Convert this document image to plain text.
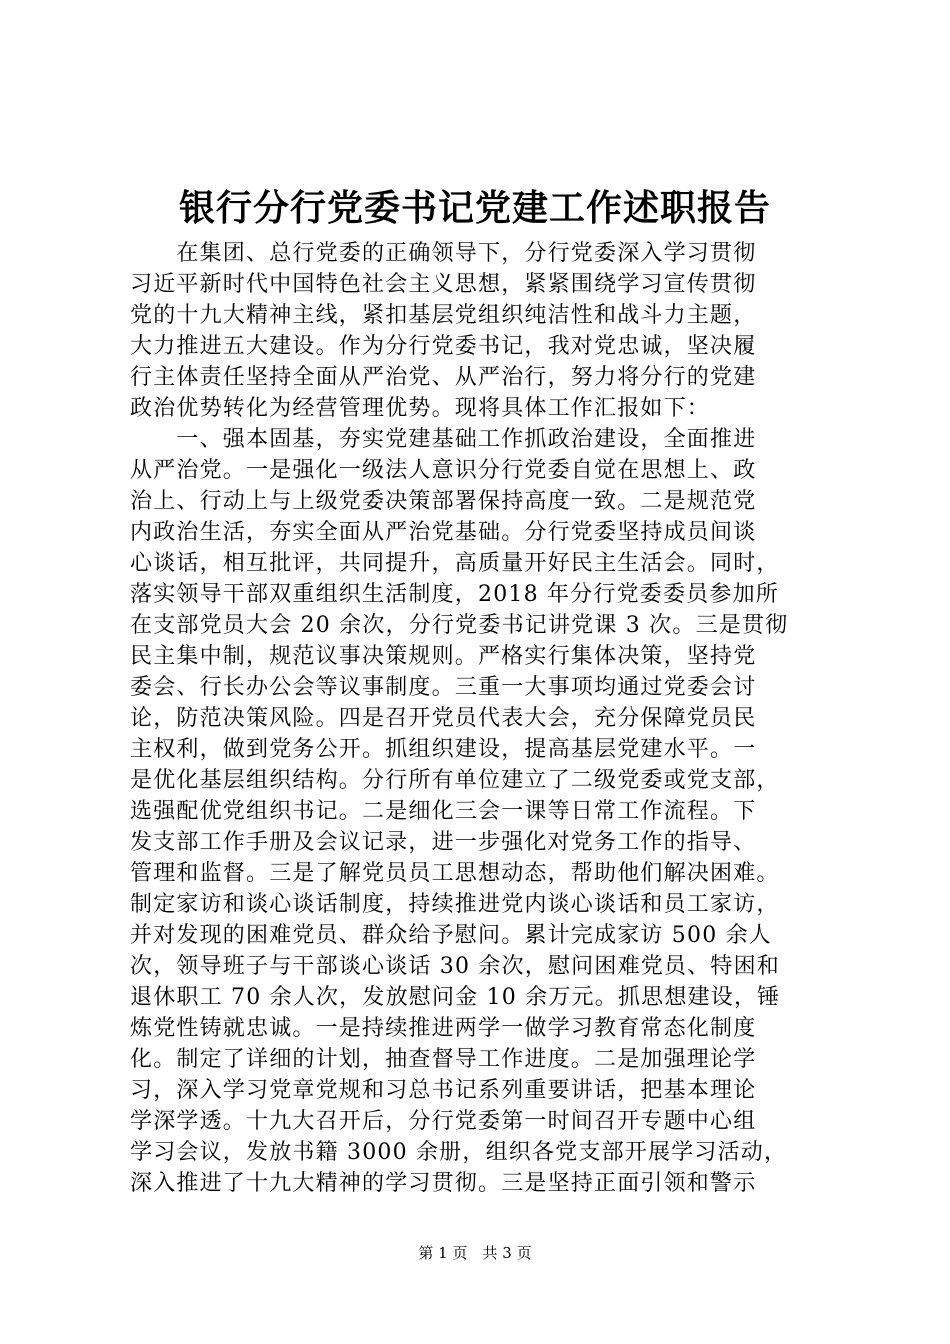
银行分行党委书记党建工作述职报告
　　在集团、总行党委的正确领导下，分行党委深入学习贯彻
习近平新时代中国特色社会主义思想，紧紧围绕学习宣传贯彻
党的十九大精神主线，紧扣基层党组织纯洁性和战斗力主题，
大力推进五大建设。作为分行党委书记，我对党忠诚，坚决履
行主体责任坚持全面从严治党、从严治行，努力将分行的党建
政治优势转化为经营管理优势。现将具体工作汇报如下：
　　一、强本固基，夯实党建基础工作抓政治建设，全面推进
从严治党。一是强化一级法人意识分行党委自觉在思想上、政
治上、行动上与上级党委决策部署保持高度一致。二是规范党
内政治生活，夯实全面从严治党基础。分行党委坚持成员间谈
心谈话，相互批评，共同提升，高质量开好民主生活会。同时，
落实领导干部双重组织生活制度，2018 年分行党委委员参加所
在支部党员大会 20 余次，分行党委书记讲党课 3 次。三是贯彻
民主集中制，规范议事决策规则。严格实行集体决策，坚持党
委会、行长办公会等议事制度。三重一大事项均通过党委会讨
论，防范决策风险。四是召开党员代表大会，充分保障党员民
主权利，做到党务公开。抓组织建设，提高基层党建水平。一
是优化基层组织结构。分行所有单位建立了二级党委或党支部，
选强配优党组织书记。二是细化三会一课等日常工作流程。下
发支部工作手册及会议记录，进一步强化对党务工作的指导、
管理和监督。三是了解党员员工思想动态，帮助他们解决困难。
制定家访和谈心谈话制度，持续推进党内谈心谈话和员工家访，
并对发现的困难党员、群众给予慰问。累计完成家访 500 余人
次，领导班子与干部谈心谈话 30 余次，慰问困难党员、特困和
退休职工 70 余人次，发放慰问金 10 余万元。抓思想建设，锤
炼党性铸就忠诚。一是持续推进两学一做学习教育常态化制度
化。制定了详细的计划，抽查督导工作进度。二是加强理论学
习，深入学习党章党规和习总书记系列重要讲话，把基本理论
学深学透。十九大召开后，分行党委第一时间召开专题中心组
学习会议，发放书籍 3000 余册，组织各党支部开展学习活动，
深入推进了十九大精神的学习贯彻。三是坚持正面引领和警示
第 1 页　共 3 页
